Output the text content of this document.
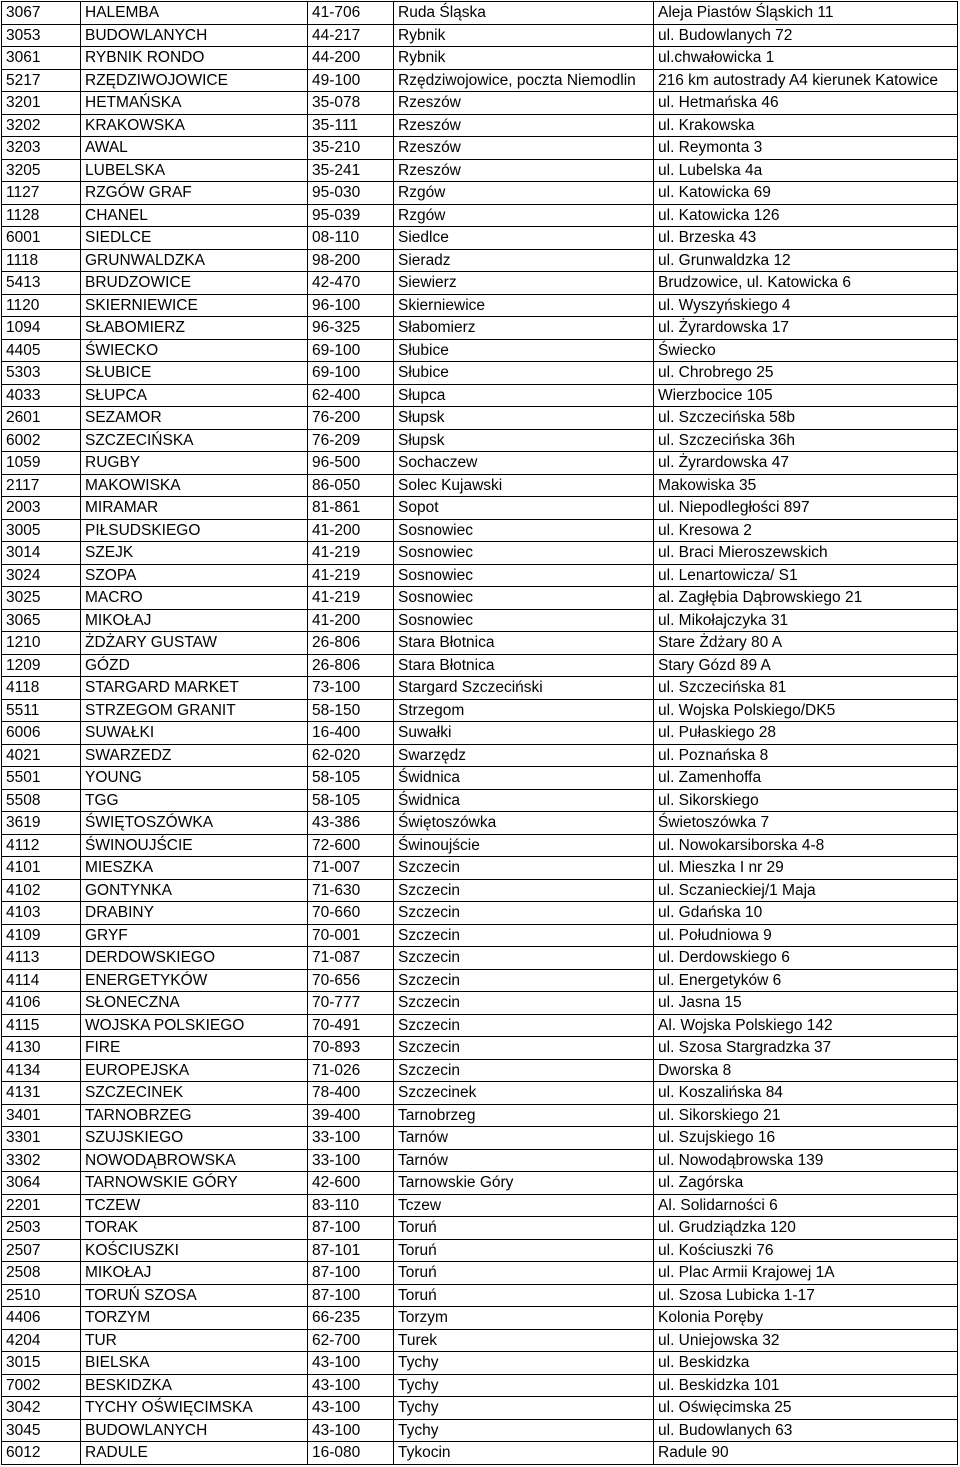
3067	HALEMBA	41-706	Ruda Śląska	Aleja Piastów Śląskich 11
3053	BUDOWLANYCH	44-217	Rybnik	ul. Budowlanych 72
3061	RYBNIK RONDO	44-200	Rybnik	ul.chwałowicka 1
5217	RZĘDZIWOJOWICE	49-100	Rzędziwojowice, poczta Niemodlin	216 km autostrady A4 kierunek Katowice
3201	HETMAŃSKA	35-078	Rzeszów	ul. Hetmańska 46
3202	KRAKOWSKA	35-111	Rzeszów	ul. Krakowska
3203	AWAL	35-210	Rzeszów	ul. Reymonta 3
3205	LUBELSKA	35-241	Rzeszów	ul. Lubelska 4a
1127	RZGÓW GRAF	95-030	Rzgów	ul. Katowicka 69
1128	CHANEL	95-039	Rzgów	ul. Katowicka 126
6001	SIEDLCE	08-110	Siedlce	ul. Brzeska 43
1118	GRUNWALDZKA	98-200	Sieradz	ul. Grunwaldzka 12
5413	BRUDZOWICE	42-470	Siewierz	Brudzowice, ul. Katowicka 6
1120	SKIERNIEWICE	96-100	Skierniewice	ul. Wyszyńskiego 4
1094	SŁABOMIERZ	96-325	Słabomierz	ul. Żyrardowska 17
4405	ŚWIECKO	69-100	Słubice	Świecko
5303	SŁUBICE	69-100	Słubice	ul. Chrobrego 25
4033	SŁUPCA	62-400	Słupca	Wierzbocice 105
2601	SEZAMOR	76-200	Słupsk	ul. Szczecińska 58b
6002	SZCZECIŃSKA	76-209	Słupsk	ul. Szczecińska 36h
1059	RUGBY	96-500	Sochaczew	ul. Żyrardowska 47
2117	MAKOWISKA	86-050	Solec Kujawski	Makowiska 35
2003	MIRAMAR	81-861	Sopot	ul. Niepodległości 897
3005	PIŁSUDSKIEGO	41-200	Sosnowiec	ul. Kresowa 2
3014	SZEJK	41-219	Sosnowiec	ul. Braci Mieroszewskich
3024	SZOPA	41-219	Sosnowiec	ul. Lenartowicza/ S1
3025	MACRO	41-219	Sosnowiec	al. Zagłębia Dąbrowskiego 21
3065	MIKOŁAJ	41-200	Sosnowiec	ul. Mikołajczyka 31
1210	ŻDŻARY GUSTAW	26-806	Stara Błotnica	Stare Żdżary 80 A
1209	GÓZD	26-806	Stara Błotnica	Stary Gózd 89 A
4118	STARGARD MARKET	73-100	Stargard Szczeciński	ul. Szczecińska 81
5511	STRZEGOM GRANIT	58-150	Strzegom	ul. Wojska Polskiego/DK5
6006	SUWAŁKI	16-400	Suwałki	ul. Pułaskiego 28
4021	SWARZEDZ	62-020	Swarzędz	ul. Poznańska 8
5501	YOUNG	58-105	Świdnica	ul. Zamenhoffa
5508	TGG	58-105	Świdnica	ul. Sikorskiego
3619	ŚWIĘTOSZÓWKA	43-386	Świętoszówka	Świetoszówka 7
4112	ŚWINOUJŚCIE	72-600	Świnoujście	ul. Nowokarsiborska 4-8
4101	MIESZKA	71-007	Szczecin	ul. Mieszka I nr 29
4102	GONTYNKA	71-630	Szczecin	ul. Sczanieckiej/1 Maja
4103	DRABINY	70-660	Szczecin	ul. Gdańska 10
4109	GRYF	70-001	Szczecin	ul. Południowa 9
4113	DERDOWSKIEGO	71-087	Szczecin	ul. Derdowskiego 6
4114	ENERGETYKÓW	70-656	Szczecin	ul. Energetyków 6
4106	SŁONECZNA	70-777	Szczecin	ul. Jasna 15
4115	WOJSKA POLSKIEGO	70-491	Szczecin	Al. Wojska Polskiego 142
4130	FIRE	70-893	Szczecin	ul. Szosa Stargradzka 37
4134	EUROPEJSKA	71-026	Szczecin	Dworska 8
4131	SZCZECINEK	78-400	Szczecinek	ul. Koszalińska 84
3401	TARNOBRZEG	39-400	Tarnobrzeg	ul. Sikorskiego 21
3301	SZUJSKIEGO	33-100	Tarnów	ul. Szujskiego 16
3302	NOWODĄBROWSKA	33-100	Tarnów	ul. Nowodąbrowska 139
3064	TARNOWSKIE GÓRY	42-600	Tarnowskie Góry	ul. Zagórska
2201	TCZEW	83-110	Tczew	Al. Solidarności 6
2503	TORAK	87-100	Toruń	ul. Grudziądzka 120
2507	KOŚCIUSZKI	87-101	Toruń	ul. Kościuszki 76
2508	MIKOŁAJ	87-100	Toruń	ul. Plac Armii Krajowej 1A
2510	TORUŃ SZOSA	87-100	Toruń	ul. Szosa Lubicka 1-17
4406	TORZYM	66-235	Torzym	Kolonia Poręby
4204	TUR	62-700	Turek	ul. Uniejowska 32
3015	BIELSKA	43-100	Tychy	ul. Beskidzka
7002	BESKIDZKA	43-100	Tychy	ul. Beskidzka 101
3042	TYCHY OŚWIĘCIMSKA	43-100	Tychy	ul. Oświęcimska 25
3045	BUDOWLANYCH	43-100	Tychy	ul. Budowlanych 63
6012	RADULE	16-080	Tykocin	Radule 90
